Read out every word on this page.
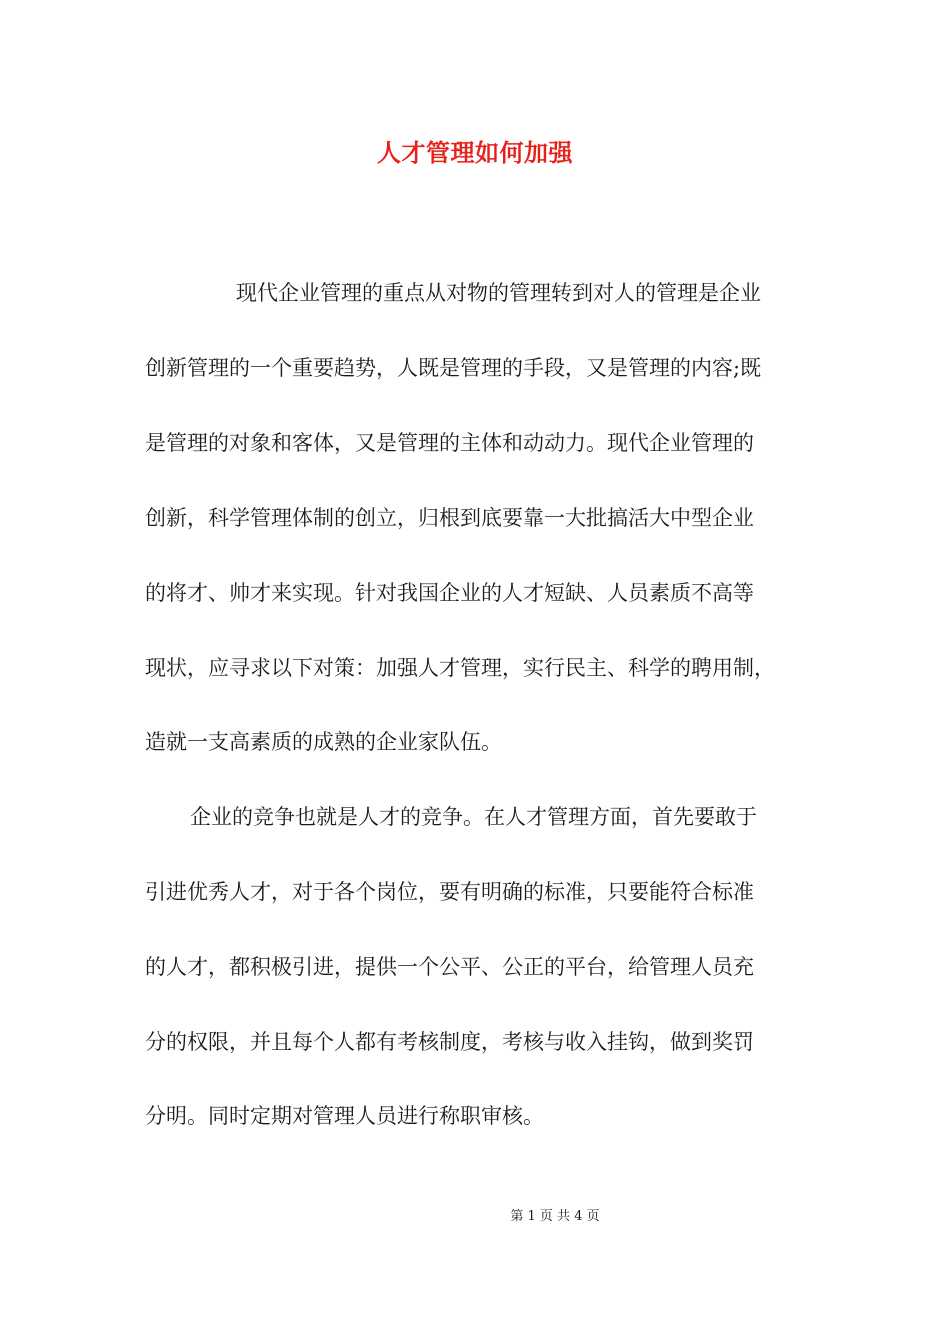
人才管理如何加强
现代企业管理的重点从对物的管理转到对人的管理是企业
创新管理的一个重要趋势，人既是管理的手段，又是管理的内容;既
是管理的对象和客体，又是管理的主体和动动力。现代企业管理的
创新，科学管理体制的创立，归根到底要靠一大批搞活大中型企业
的将才、帅才来实现。针对我国企业的人才短缺、人员素质不高等
现状，应寻求以下对策：加强人才管理，实行民主、科学的聘用制，
造就一支高素质的成熟的企业家队伍。
企业的竞争也就是人才的竞争。在人才管理方面，首先要敢于
引进优秀人才，对于各个岗位，要有明确的标准，只要能符合标准
的人才，都积极引进，提供一个公平、公正的平台，给管理人员充
分的权限，并且每个人都有考核制度，考核与收入挂钩，做到奖罚
分明。同时定期对管理人员进行称职审核。
第 1 页 共 4 页
